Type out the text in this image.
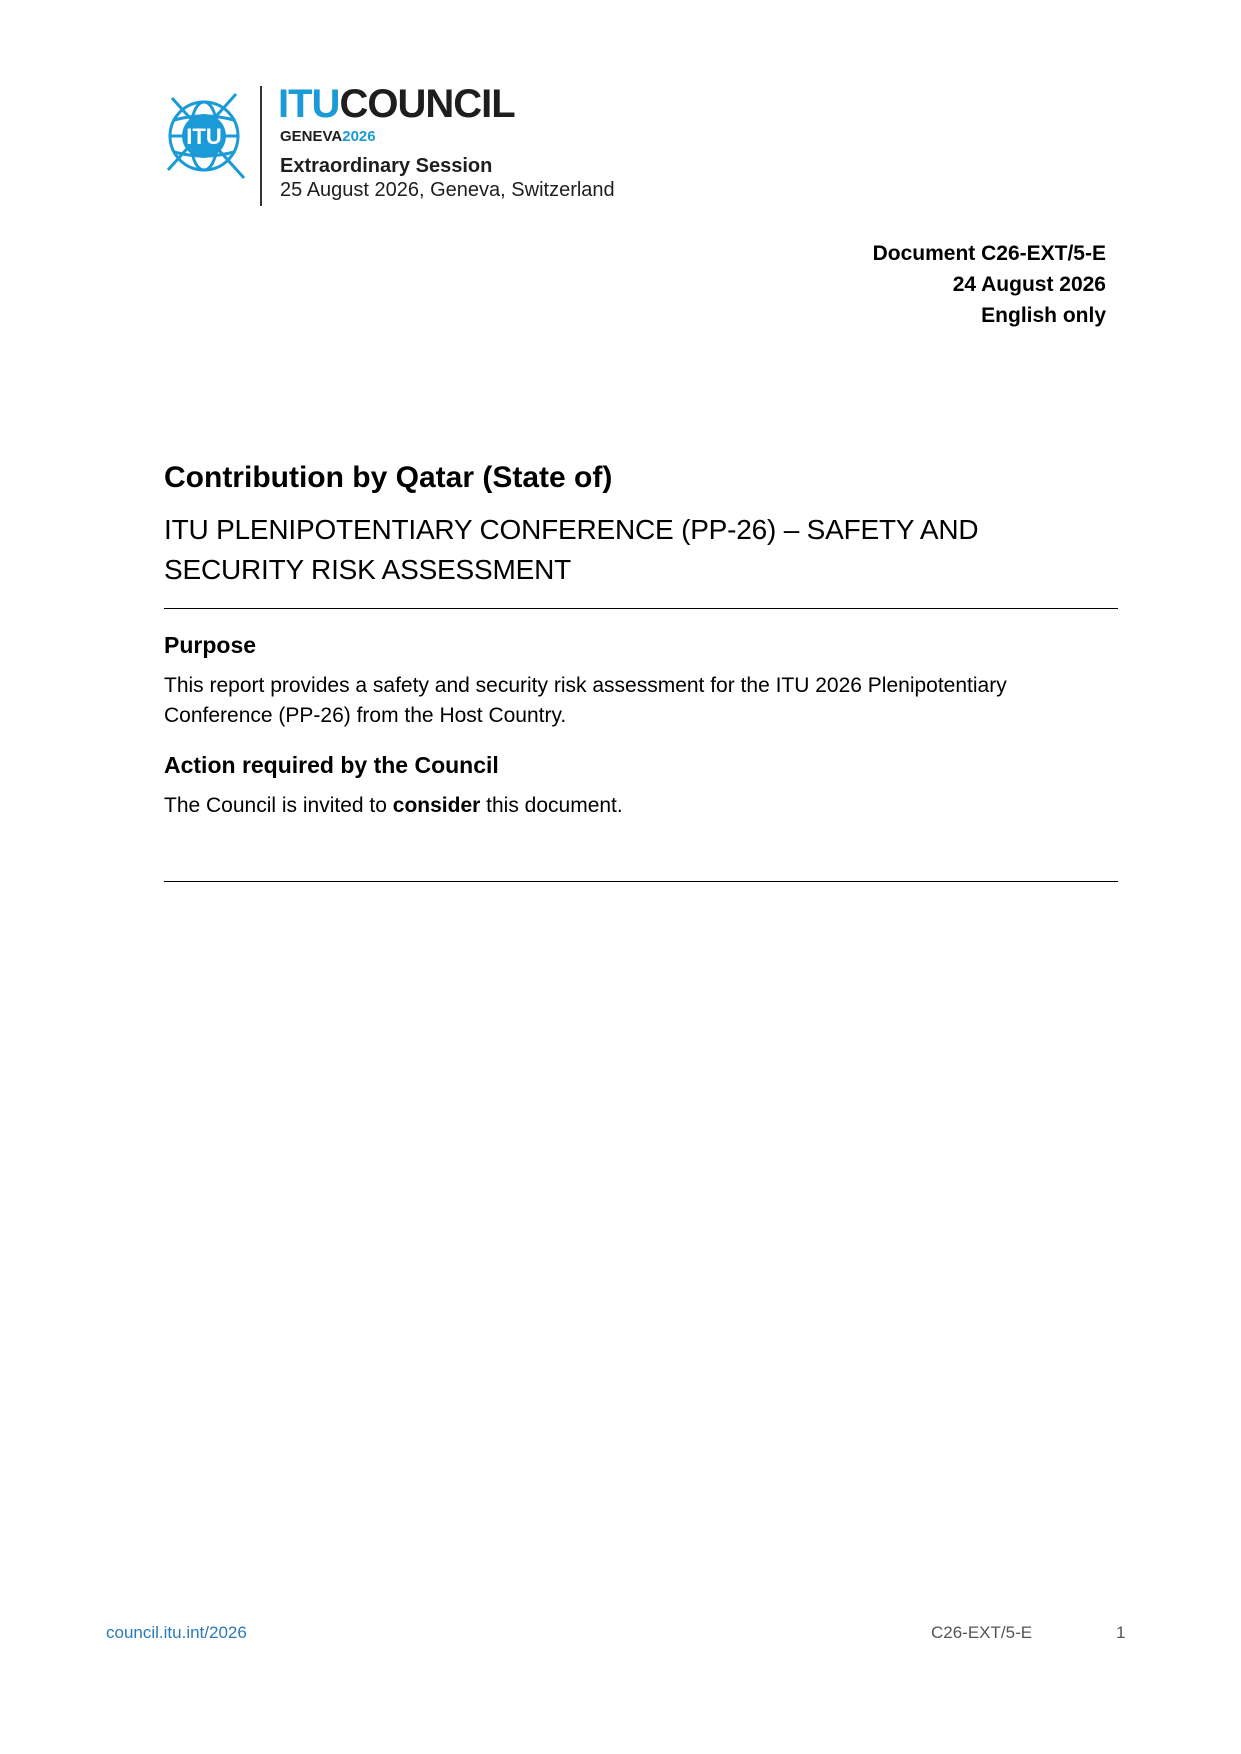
ITU
ITUCOUNCIL
GENEVA2026
Extraordinary Session
25 August 2026, Geneva, Switzerland
Document C26-EXT/5-E
24 August 2026
English only
Contribution by Qatar (State of)
ITU PLENIPOTENTIARY CONFERENCE (PP-26) – SAFETY AND SECURITY RISK ASSESSMENT
Purpose

This report provides a safety and security risk assessment for the ITU 2026 Plenipotentiary Conference (PP-26) from the Host Country.

Action required by the Council

The Council is invited to consider this document.

council.itu.int/2026	C26-EXT/5-E	1
